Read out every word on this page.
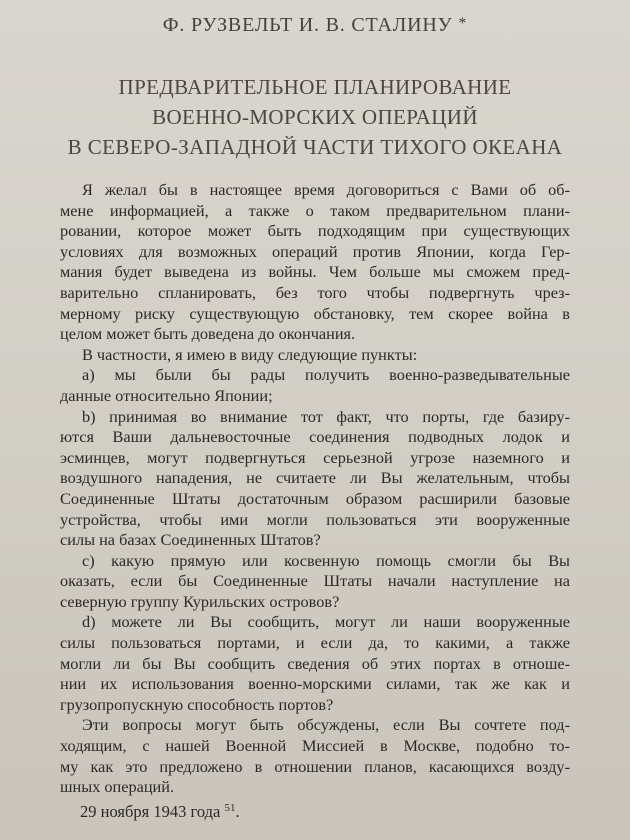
Ф. РУЗВЕЛЬТ И. В. СТАЛИНУ *
ПРЕДВАРИТЕЛЬНОЕ ПЛАНИРОВАНИЕ
ВОЕННО-МОРСКИХ ОПЕРАЦИЙ
В СЕВЕРО-ЗАПАДНОЙ ЧАСТИ ТИХОГО ОКЕАНА
Я желал бы в настоящее время договориться с Вами об об-
мене информацией, а также о таком предварительном плани-
ровании, которое может быть подходящим при существующих
условиях для возможных операций против Японии, когда Гер-
мания будет выведена из войны. Чем больше мы сможем пред-
варительно спланировать, без того чтобы подвергнуть чрез-
мерному риску существующую обстановку, тем скорее война в
целом может быть доведена до окончания.
В частности, я имею в виду следующие пункты:
а) мы были бы рады получить военно-разведывательные
данные относительно Японии;
b) принимая во внимание тот факт, что порты, где базиру-
ются Ваши дальневосточные соединения подводных лодок и
эсминцев, могут подвергнуться серьезной угрозе наземного и
воздушного нападения, не считаете ли Вы желательным, чтобы
Соединенные Штаты достаточным образом расширили базовые
устройства, чтобы ими могли пользоваться эти вооруженные
силы на базах Соединенных Штатов?
c) какую прямую или косвенную помощь смогли бы Вы
оказать, если бы Соединенные Штаты начали наступление на
северную группу Курильских островов?
d) можете ли Вы сообщить, могут ли наши вооруженные
силы пользоваться портами, и если да, то какими, а также
могли ли бы Вы сообщить сведения об этих портах в отноше-
нии их использования военно-морскими силами, так же как и
грузопропускную способность портов?
Эти вопросы могут быть обсуждены, если Вы сочтете под-
ходящим, с нашей Военной Миссией в Москве, подобно то-
му как это предложено в отношении планов, касающихся возду-
шных операций.
29 ноября 1943 года $^{51}$.
